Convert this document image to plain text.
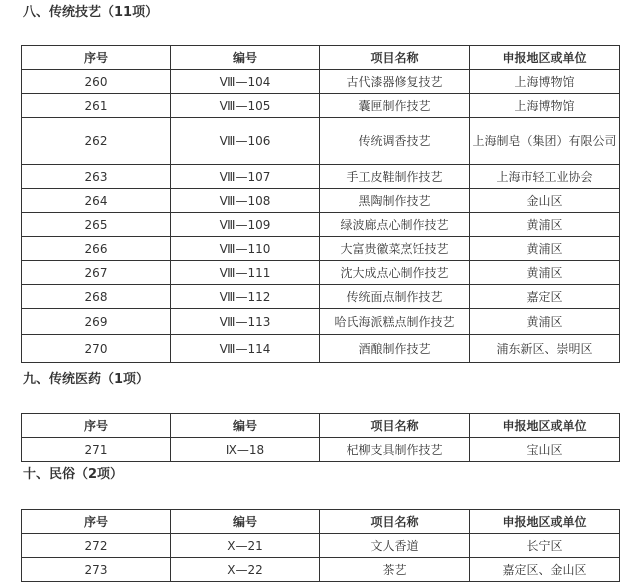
八、传统技艺（11项）
序号	编号	项目名称	申报地区或单位
260	Ⅷ—104	古代漆器修复技艺	上海博物馆
261	Ⅷ—105	囊匣制作技艺	上海博物馆
262	Ⅷ—106	传统调香技艺	上海制皂（集团）有限公司
263	Ⅷ—107	手工皮鞋制作技艺	上海市轻工业协会
264	Ⅷ—108	黑陶制作技艺	金山区
265	Ⅷ—109	绿波廊点心制作技艺	黄浦区
266	Ⅷ—110	大富贵徽菜烹饪技艺	黄浦区
267	Ⅷ—111	沈大成点心制作技艺	黄浦区
268	Ⅷ—112	传统面点制作技艺	嘉定区
269	Ⅷ—113	哈氏海派糕点制作技艺	黄浦区
270	Ⅷ—114	酒酿制作技艺	浦东新区、崇明区
九、传统医药（1项）
序号	编号	项目名称	申报地区或单位
271	Ⅸ—18	杞柳支具制作技艺	宝山区
十、民俗（2项）
序号	编号	项目名称	申报地区或单位
272	Ⅹ—21	文人香道	长宁区
273	Ⅹ—22	茶艺	嘉定区、金山区
